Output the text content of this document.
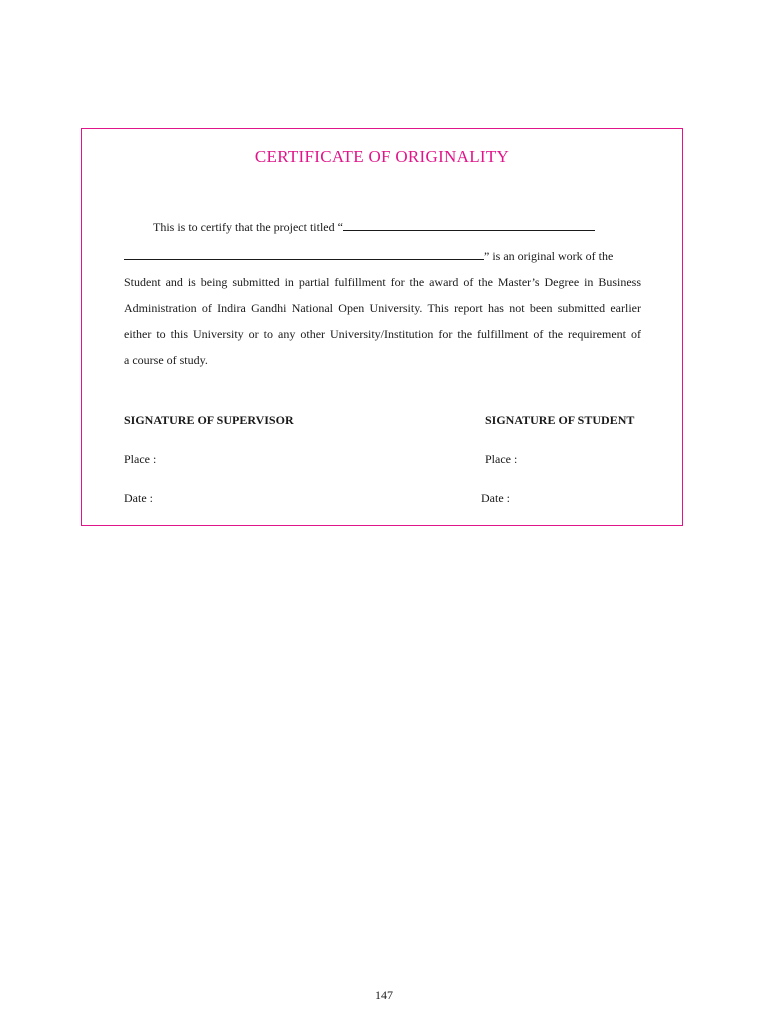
CERTIFICATE OF ORIGINALITY
This is to certify that the project titled “
” is an original work of the
Student and is being submitted in partial fulfillment for the award of the Master’s Degree in Business
Administration of Indira Gandhi National Open University. This report has not been submitted earlier
either to this University or to any other University/Institution for the fulfillment of the requirement of
a course of study.
SIGNATURE OF SUPERVISOR	SIGNATURE OF STUDENT
Place :	Place :
Date :	Date :
147
